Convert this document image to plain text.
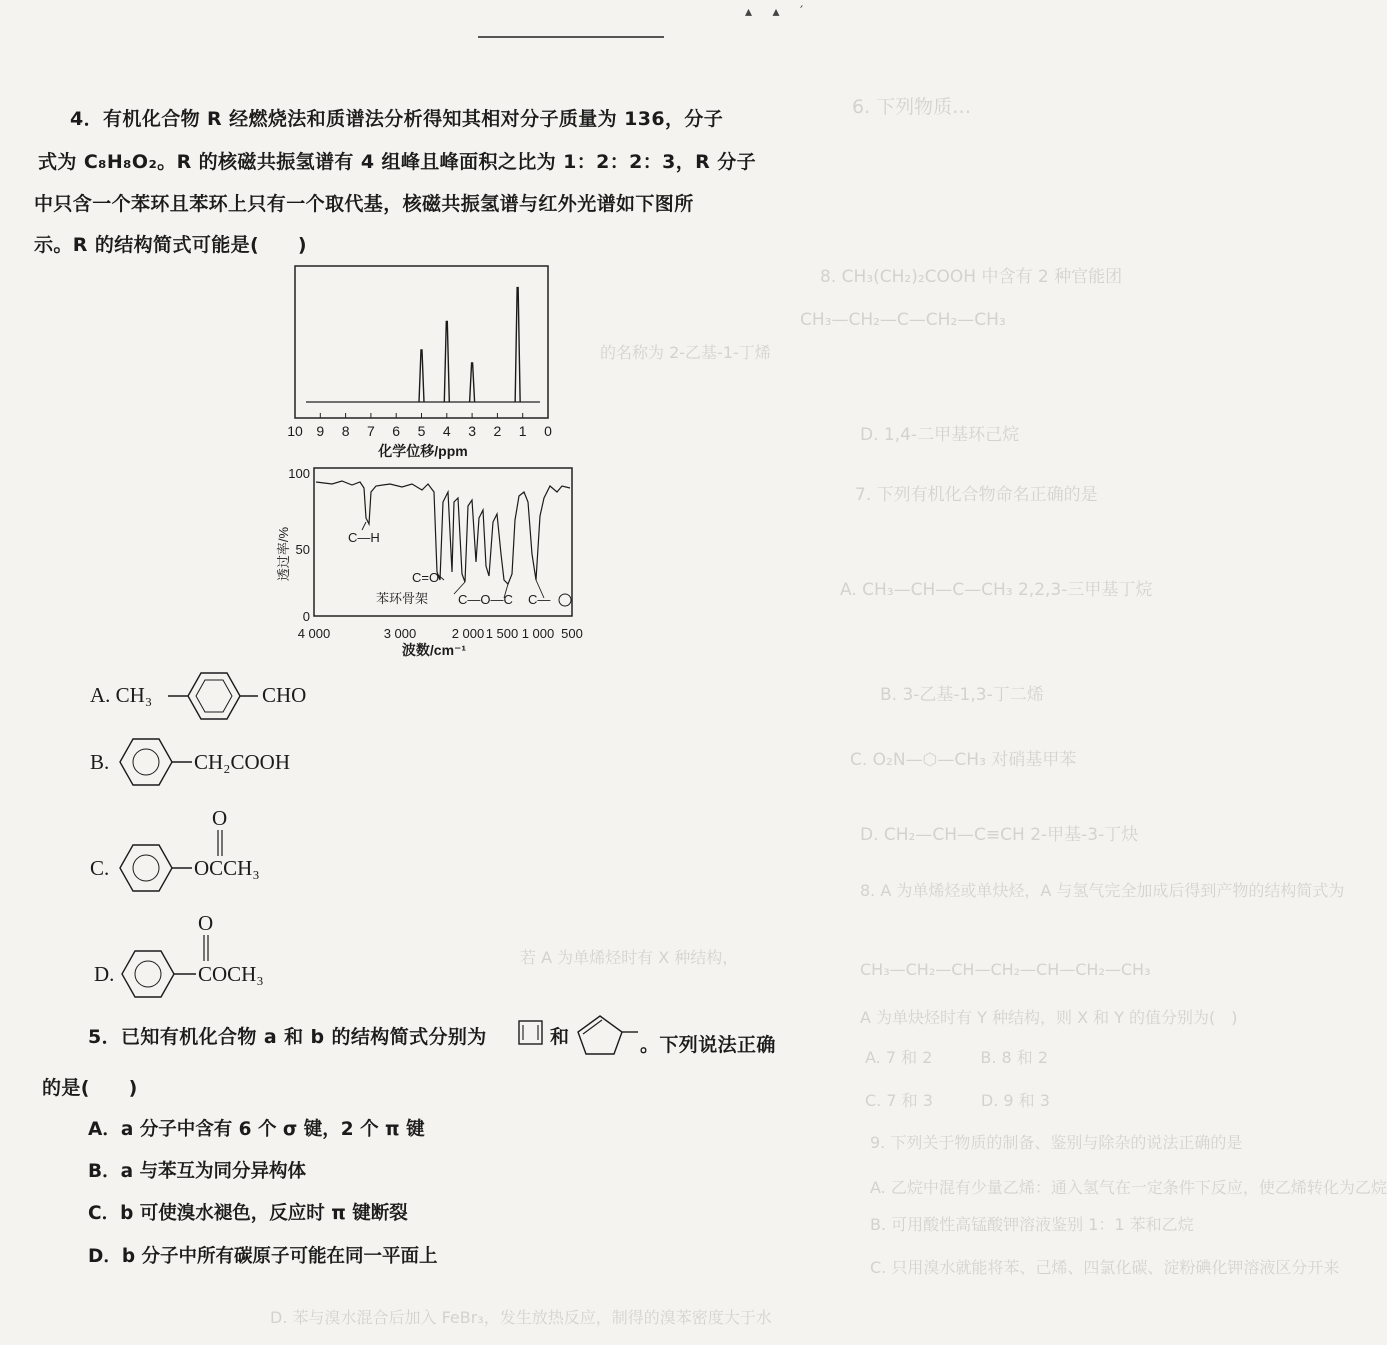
6. 下列物质…
8. CH₃(CH₂)₂COOH 中含有 2 种官能团
CH₃—CH₂—C—CH₂—CH₃
的名称为 2-乙基-1-丁烯
D. 1,4-二甲基环己烷
7. 下列有机化合物命名正确的是
A. CH₃—CH—C—CH₃ 2,2,3-三甲基丁烷
B. 3-乙基-1,3-丁二烯
C. O₂N—⬡—CH₃ 对硝基甲苯
D. CH₂—CH—C≡CH 2-甲基-3-丁炔
8. A 为单烯烃或单炔烃，A 与氢气完全加成后得到产物的结构简式为
CH₃—CH₂—CH—CH₂—CH—CH₂—CH₃
若 A 为单烯烃时有 X 种结构，
A 为单炔烃时有 Y 种结构，则 X 和 Y 的值分别为(　)
A. 7 和 2　　　B. 8 和 2
C. 7 和 3　　　D. 9 和 3
9. 下列关于物质的制备、鉴别与除杂的说法正确的是
A. 乙烷中混有少量乙烯：通入氢气在一定条件下反应，使乙烯转化为乙烷
B. 可用酸性高锰酸钾溶液鉴别 1：1 苯和乙烷
C. 只用溴水就能将苯、己烯、四氯化碳、淀粉碘化钾溶液区分开来
D. 苯与溴水混合后加入 FeBr₃，发生放热反应，制得的溴苯密度大于水
▴ ▴ ′
4．有机化合物 R 经燃烧法和质谱法分析得知其相对分子质量为 136，分子
式为 C₈H₈O₂。R 的核磁共振氢谱有 4 组峰且峰面积之比为 1：2：2：3，R 分子
中只含一个苯环且苯环上只有一个取代基，核磁共振氢谱与红外光谱如下图所
示。R 的结构简式可能是(　　)
10 9 8 7 6 5 4 3 2 1 0
化学位移/ppm
100
50
0
透过率/%	C—H
C=O
苯环骨架 C—O—C C—
4 000	3 000	2 000 1 500 1 000 500
波数/cm⁻¹
A. CH₃	CHO
B.	CH₂COOH
C.
O
OCCH₃
D.
O
COCH₃
5．已知有机化合物 a 和 b 的结构简式分别为	和	。下列说法正确
的是(　　)
A．a 分子中含有 6 个 σ 键，2 个 π 键
B．a 与苯互为同分异构体
C．b 可使溴水褪色，反应时 π 键断裂
D．b 分子中所有碳原子可能在同一平面上
